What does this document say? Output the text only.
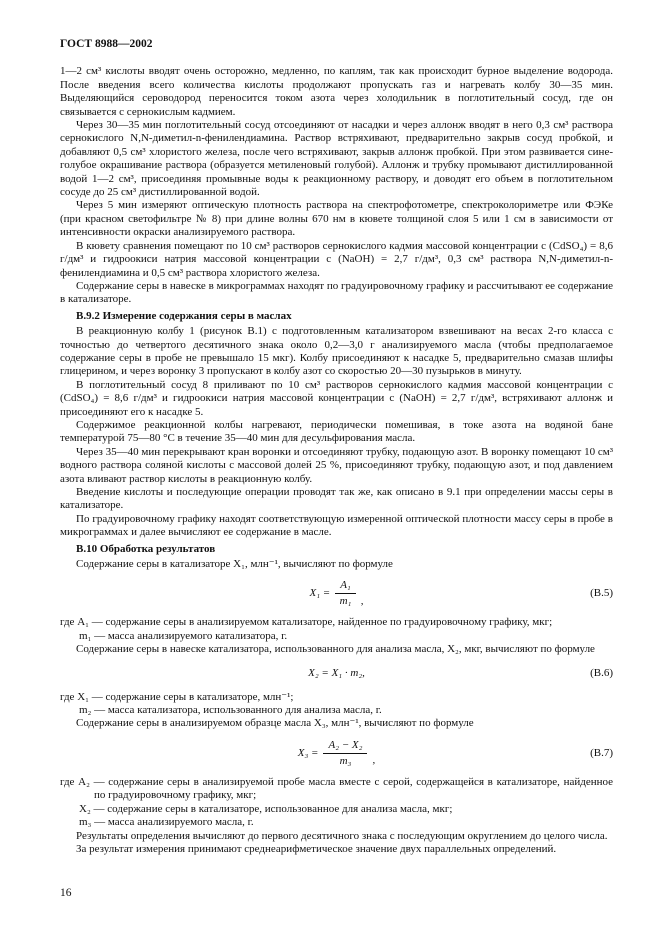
ГОСТ 8988—2002

1—2 см³ кислоты вводят очень осторожно, медленно, по каплям, так как происходит бурное выделение водорода. После введения всего количества кислоты продолжают пропускать газ и нагревать колбу 30—35 мин. Выделяющийся сероводород переносится током азота через холодильник в поглотительный сосуд, где он связывается с сернокислым кадмием.

Через 30—35 мин поглотительный сосуд отсоединяют от насадки и через аллонж вводят в него 0,3 см³ раствора сернокислого N,N-диметил-n-фенилендиамина. Раствор встряхивают, предварительно закрыв сосуд пробкой, и добавляют 0,5 см³ хлористого железа, после чего встряхивают, закрыв аллонж пробкой. При этом развивается сине-голубое окрашивание раствора (образуется метиленовый голубой). Аллонж и трубку промывают дистиллированной водой 1—2 см³, присоединяя промывные воды к реакционному раствору, и доводят его объем в поглотительном сосуде до 25 см³ дистиллированной водой.

Через 5 мин измеряют оптическую плотность раствора на спектрофотометре, спектроколориметре или ФЭКе (при красном светофильтре № 8) при длине волны 670 нм в кювете толщиной слоя 5 или 1 см в зависимости от интенсивности окраски анализируемого раствора.

В кювету сравнения помещают по 10 см³ растворов сернокислого кадмия массовой концентрации с (CdSO₄) = 8,6 г/дм³ и гидроокиси натрия массовой концентрации с (NaOH) = 2,7 г/дм³, 0,3 см³ раствора N,N-диметил-n-фенилендиамина и 0,5 см³ раствора хлористого железа.

Содержание серы в навеске в микрограммах находят по градуировочному графику и рассчитывают ее содержание в катализаторе.

В.9.2 Измерение содержания серы в маслах

В реакционную колбу 1 (рисунок В.1) с подготовленным катализатором взвешивают на весах 2-го класса с точностью до четвертого десятичного знака около 0,2—3,0 г анализируемого масла (чтобы предполагаемое содержание серы в пробе не превышало 15 мкг). Колбу присоединяют к насадке 5, предварительно смазав шлифы глицерином, и через воронку 3 пропускают в колбу азот со скоростью 20—30 пузырьков в минуту.

В поглотительный сосуд 8 приливают по 10 см³ растворов сернокислого кадмия массовой концентрации с (CdSO₄) = 8,6 г/дм³ и гидроокиси натрия массовой концентрации с (NaOH) = 2,7 г/дм³, встряхивают аллонж и присоединяют его к насадке 5.

Содержимое реакционной колбы нагревают, периодически помешивая, в токе азота на водяной бане температурой 75—80 °С в течение 35—40 мин для десульфирования масла.

Через 35—40 мин перекрывают кран воронки и отсоединяют трубку, подающую азот. В воронку помещают 10 см³ водного раствора соляной кислоты с массовой долей 25 %, присоединяют трубку, подающую азот, и под давлением азота вливают раствор кислоты в реакционную колбу.

Введение кислоты и последующие операции проводят так же, как описано в 9.1 при определении массы серы в катализаторе.

По градуировочному графику находят соответствующую измеренной оптической плотности массу серы в пробе в микрограммах и далее вычисляют ее содержание в масле.

В.10 Обработка результатов

Содержание серы в катализаторе X₁, млн⁻¹, вычисляют по формуле

$X_1 = \frac{\text{A₁}}{\text{m₁}}$ ,
(В.5)

где A₁ — содержание серы в анализируемом катализаторе, найденное по градуировочному графику, мкг;

m₁ — масса анализируемого катализатора, г.

Содержание серы в навеске катализатора, использованного для анализа масла, X₂, мкг, вычисляют по формуле

X₂ = X₁ · m₂,	(В.6)

где X₁ — содержание серы в катализаторе, млн⁻¹;

m₂ — масса катализатора, использованного для анализа масла, г.

Содержание серы в анализируемом образце масла X₃, млн⁻¹, вычисляют по формуле

$X_3 = \frac{\text{A₂ − X₂}}{\text{m₃}}$ ,
(В.7)

где A₂ — содержание серы в анализируемой пробе масла вместе с серой, содержащейся в катализаторе, найденное по градуировочному графику, мкг;

X₂ — содержание серы в катализаторе, использованное для анализа масла, мкг;

m₃ — масса анализируемого масла, г.

Результаты определения вычисляют до первого десятичного знака с последующим округлением до целого числа.

За результат измерения принимают среднеарифметическое значение двух параллельных определений.

16
